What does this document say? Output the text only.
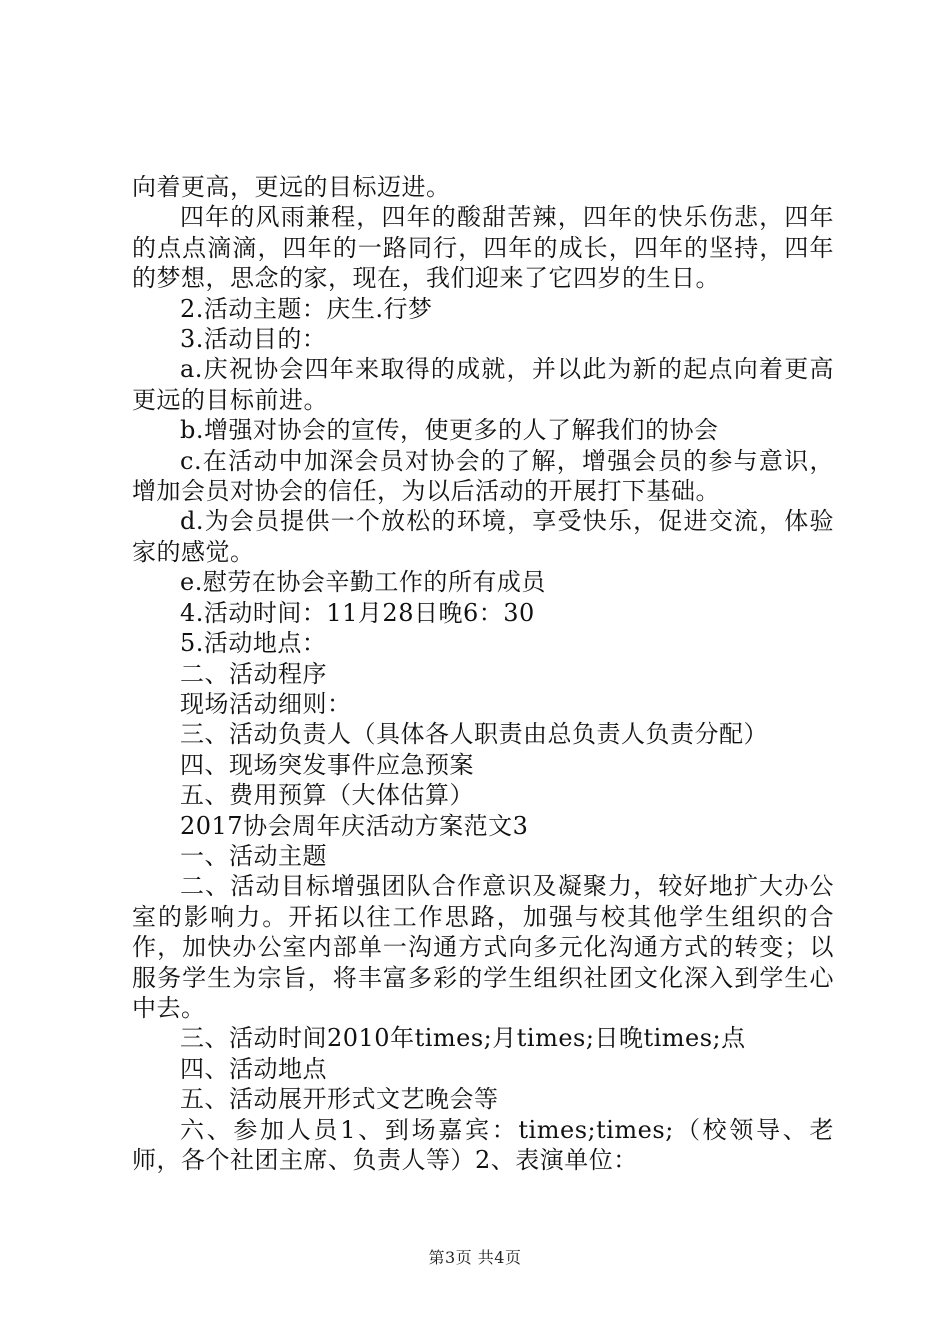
向着更高，更远的目标迈进。

四年的风雨兼程，四年的酸甜苦辣，四年的快乐伤悲，四年的点点滴滴，四年的一路同行，四年的成长，四年的坚持，四年的梦想，思念的家，现在，我们迎来了它四岁的生日。

2.活动主题：庆生.行梦

3.活动目的：

a.庆祝协会四年来取得的成就，并以此为新的起点向着更高更远的目标前进。

b.增强对协会的宣传，使更多的人了解我们的协会

c.在活动中加深会员对协会的了解，增强会员的参与意识，增加会员对协会的信任，为以后活动的开展打下基础。

d.为会员提供一个放松的环境，享受快乐，促进交流，体验家的感觉。

e.慰劳在协会辛勤工作的所有成员

4.活动时间：11月28日晚6：30

5.活动地点：

二、活动程序

现场活动细则：

三、活动负责人（具体各人职责由总负责人负责分配）

四、现场突发事件应急预案

五、费用预算（大体估算）

2017协会周年庆活动方案范文3

一、活动主题

二、活动目标增强团队合作意识及凝聚力，较好地扩大办公室的影响力。开拓以往工作思路，加强与校其他学生组织的合作，加快办公室内部单一沟通方式向多元化沟通方式的转变；以服务学生为宗旨，将丰富多彩的学生组织社团文化深入到学生心中去。

三、活动时间2010年times;月times;日晚times;点

四、活动地点

五、活动展开形式文艺晚会等

六、参加人员1、到场嘉宾：times;times;（校领导、老师，各个社团主席、负责人等）2、表演单位：

第3页 共4页
